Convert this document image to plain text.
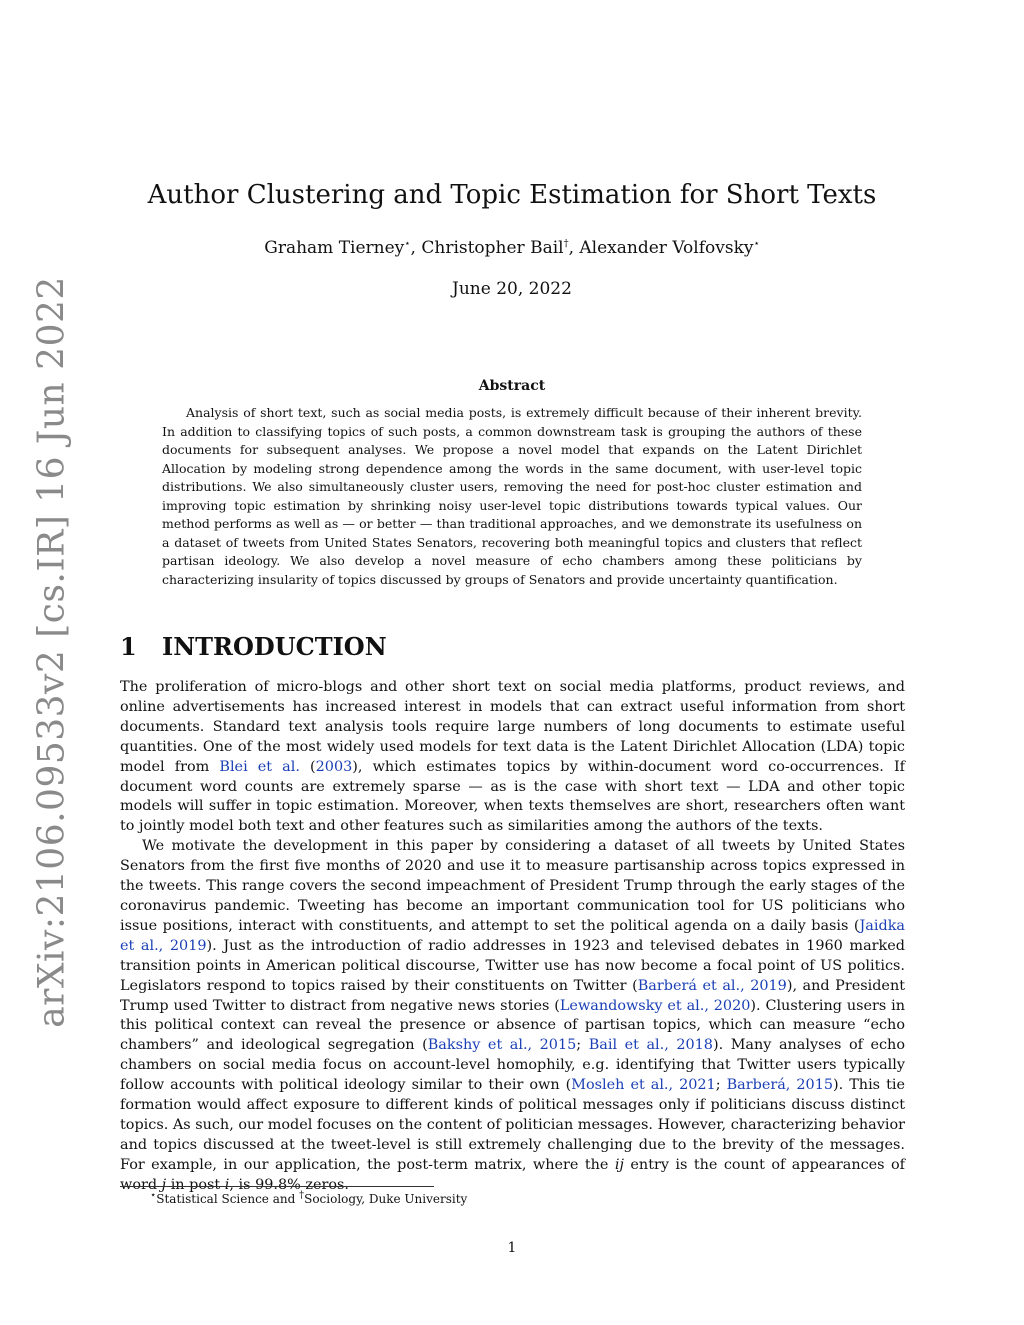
arXiv:2106.09533v2 [cs.IR] 16 Jun 2022
Author Clustering and Topic Estimation for Short Texts
Graham Tierney⋆, Christopher Bail†, Alexander Volfovsky⋆
June 20, 2022
Abstract

Analysis of short text, such as social media posts, is extremely difficult because of their inherent brevity. In addition to classifying topics of such posts, a common downstream task is grouping the authors of these documents for subsequent analyses. We propose a novel model that expands on the Latent Dirichlet Allocation by modeling strong dependence among the words in the same document, with user-level topic distributions. We also simultaneously cluster users, removing the need for post-hoc cluster estimation and improving topic estimation by shrinking noisy user-level topic distributions towards typical values. Our method performs as well as — or better — than traditional approaches, and we demonstrate its usefulness on a dataset of tweets from United States Senators, recovering both meaningful topics and clusters that reflect partisan ideology. We also develop a novel measure of echo chambers among these politicians by characterizing insularity of topics discussed by groups of Senators and provide uncertainty quantification.

1 INTRODUCTION

The proliferation of micro-blogs and other short text on social media platforms, product reviews, and online advertisements has increased interest in models that can extract useful information from short documents. Standard text analysis tools require large numbers of long documents to estimate useful quantities. One of the most widely used models for text data is the Latent Dirichlet Allocation (LDA) topic model from Blei et al. (2003), which estimates topics by within-document word co-occurrences. If document word counts are extremely sparse — as is the case with short text — LDA and other topic models will suffer in topic estimation. Moreover, when texts themselves are short, researchers often want to jointly model both text and other features such as similarities among the authors of the texts.

We motivate the development in this paper by considering a dataset of all tweets by United States Senators from the first five months of 2020 and use it to measure partisanship across topics expressed in the tweets. This range covers the second impeachment of President Trump through the early stages of the coronavirus pandemic. Tweeting has become an important communication tool for US politicians who issue positions, interact with constituents, and attempt to set the political agenda on a daily basis (Jaidka et al., 2019). Just as the introduction of radio addresses in 1923 and televised debates in 1960 marked transition points in American political discourse, Twitter use has now become a focal point of US politics. Legislators respond to topics raised by their constituents on Twitter (Barberá et al., 2019), and President Trump used Twitter to distract from negative news stories (Lewandowsky et al., 2020). Clustering users in this political context can reveal the presence or absence of partisan topics, which can measure “echo chambers” and ideological segregation (Bakshy et al., 2015; Bail et al., 2018). Many analyses of echo chambers on social media focus on account-level homophily, e.g. identifying that Twitter users typically follow accounts with political ideology similar to their own (Mosleh et al., 2021; Barberá, 2015). This tie formation would affect exposure to different kinds of political messages only if politicians discuss distinct topics. As such, our model focuses on the content of politician messages. However, characterizing behavior and topics discussed at the tweet-level is still extremely challenging due to the brevity of the messages. For example, in our application, the post-term matrix, where the ij entry is the count of appearances of word j in post i, is 99.8% zeros.

⋆Statistical Science and †Sociology, Duke University
1
